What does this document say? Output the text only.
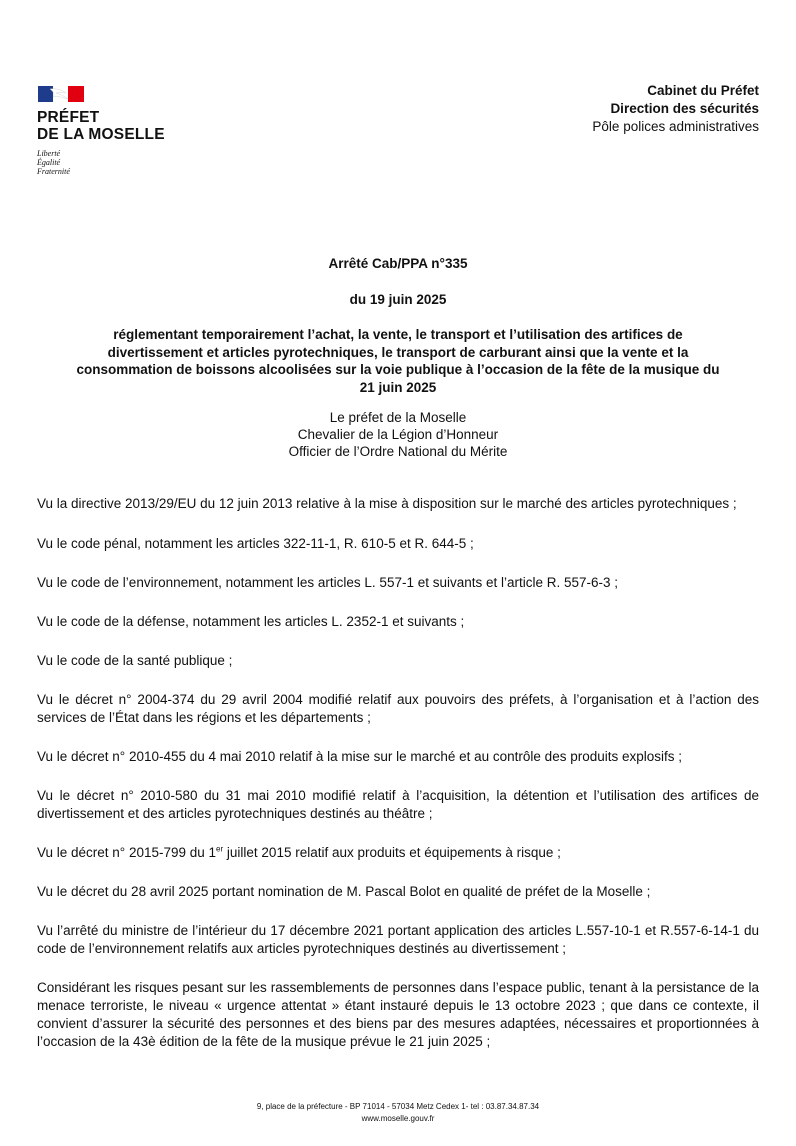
PRÉFET
DE LA MOSELLE
Liberté
Égalité
Fraternité
Cabinet du Préfet
Direction des sécurités
Pôle polices administratives
Arrêté Cab/PPA n°335
du 19 juin 2025
réglementant temporairement l’achat, la vente, le transport et l’utilisation des artifices de
divertissement et articles pyrotechniques, le transport de carburant ainsi que la vente et la
consommation de boissons alcoolisées sur la voie publique à l’occasion de la fête de la musique du
21 juin 2025
Le préfet de la Moselle
Chevalier de la Légion d’Honneur
Officier de l’Ordre National du Mérite

Vu la directive 2013/29/EU du 12 juin 2013 relative à la mise à disposition sur le marché des articles pyrotechniques ;

Vu le code pénal, notamment les articles 322-11-1, R. 610-5 et R. 644-5 ;

Vu le code de l’environnement, notamment les articles L. 557-1 et suivants et l’article R. 557-6-3 ;

Vu le code de la défense, notamment les articles L. 2352-1 et suivants ;

Vu le code de la santé publique ;

Vu le décret n° 2004-374 du 29 avril 2004 modifié relatif aux pouvoirs des préfets, à l’organisation et à l’action des services de l’État dans les régions et les départements ;

Vu le décret n° 2010-455 du 4 mai 2010 relatif à la mise sur le marché et au contrôle des produits explosifs ;

Vu le décret n° 2010-580 du 31 mai 2010 modifié relatif à l’acquisition, la détention et l’utilisation des artifices de divertissement et des articles pyrotechniques destinés au théâtre ;

Vu le décret n° 2015-799 du 1er juillet 2015 relatif aux produits et équipements à risque ;

Vu le décret du 28 avril 2025 portant nomination de M. Pascal Bolot en qualité de préfet de la Moselle ;

Vu l’arrêté du ministre de l’intérieur du 17 décembre 2021 portant application des articles L.557-10-1 et R.557-6-14-1 du code de l’environnement relatifs aux articles pyrotechniques destinés au divertissement ;

Considérant les risques pesant sur les rassemblements de personnes dans l’espace public, tenant à la persistance de la menace terroriste, le niveau « urgence attentat » étant instauré depuis le 13 octobre 2023 ; que dans ce contexte, il convient d’assurer la sécurité des personnes et des biens par des mesures adaptées, nécessaires et proportionnées à l’occasion de la 43è édition de la fête de la musique prévue le 21 juin 2025 ;

9, place de la préfecture - BP 71014 - 57034 Metz Cedex 1- tel : 03.87.34.87.34
www.moselle.gouv.fr
